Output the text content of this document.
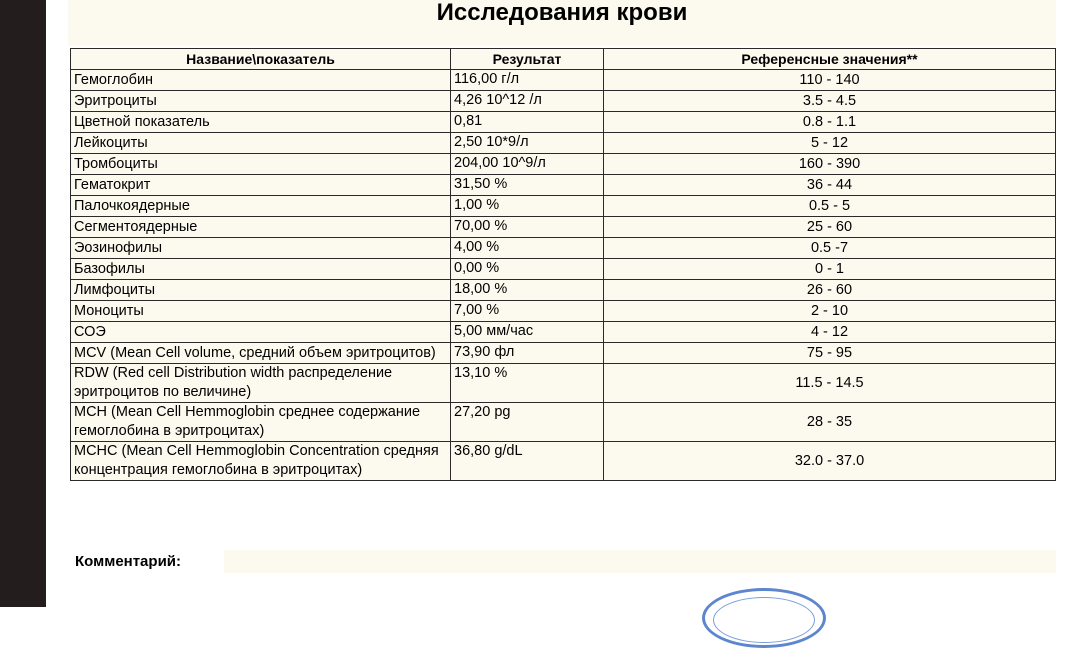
Исследования крови
Название\показатель	Результат	Референсные значения**
Гемоглобин	116,00 г/л	110 - 140
Эритроциты	4,26 10^12 /л	3.5 - 4.5
Цветной показатель	0,81	0.8 - 1.1
Лейкоциты	2,50 10*9/л	5 - 12
Тромбоциты	204,00 10^9/л	160 - 390
Гематокрит	31,50 %	36 - 44
Палочкоядерные	1,00 %	0.5 - 5
Сегментоядерные	70,00 %	25 - 60
Эозинофилы	4,00 %	0.5 -7
Базофилы	0,00 %	0 - 1
Лимфоциты	18,00 %	26 - 60
Моноциты	7,00 %	2 - 10
СОЭ	5,00 мм/час	4 - 12
MCV (Mean Cell volume, средний объем эритроцитов)	73,90 фл	75 - 95
RDW (Red cell Distribution width распределение эритроцитов по величине)	13,10 %	11.5 - 14.5
MCH (Mean Cell Hemmoglobin среднее содержание гемоглобина в эритроцитах)	27,20 pg	28 - 35
MCHC (Mean Cell Hemmoglobin Concentration средняя концентрация гемоглобина в эритроцитах)	36,80 g/dL	32.0 - 37.0
Комментарий:
